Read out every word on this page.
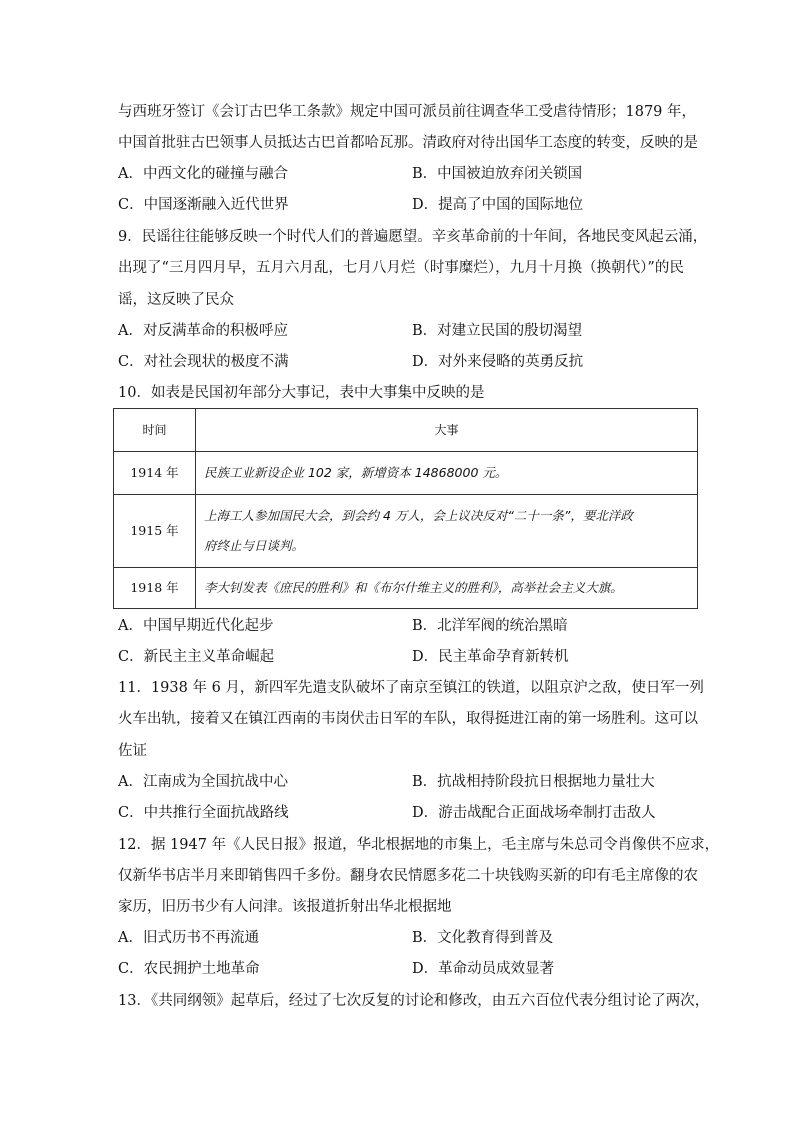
与西班牙签订《会订古巴华工条款》规定中国可派员前往调查华工受虐待情形；1879 年，
中国首批驻古巴领事人员抵达古巴首都哈瓦那。清政府对待出国华工态度的转变，反映的是
A．中西文化的碰撞与融合	B．中国被迫放弃闭关锁国
C．中国逐渐融入近代世界	D．提高了中国的国际地位
9．民谣往往能够反映一个时代人们的普遍愿望。辛亥革命前的十年间，各地民变风起云涌，
出现了“三月四月早，五月六月乱，七月八月烂（时事糜烂），九月十月换（换朝代）”的民
谣，这反映了民众
A．对反满革命的积极呼应	B．对建立民国的殷切渴望
C．对社会现状的极度不满	D．对外来侵略的英勇反抗
10．如表是民国初年部分大事记，表中大事集中反映的是
时间	大事
1914 年	民族工业新设企业 102 家，新增资本 14868000 元。
1915 年	上海工人参加国民大会，到会约 4 万人，会上议决反对“二十一条”，要北洋政
府终止与日谈判。

1918 年	李大钊发表《庶民的胜利》和《布尔什维主义的胜利》，高举社会主义大旗。
A．中国早期近代化起步	B．北洋军阀的统治黑暗
C．新民主主义革命崛起	D．民主革命孕育新转机
11．1938 年 6 月，新四军先遣支队破坏了南京至镇江的铁道，以阻京沪之敌，使日军一列
火车出轨，接着又在镇江西南的韦岗伏击日军的车队，取得挺进江南的第一场胜利。这可以
佐证
A．江南成为全国抗战中心	B．抗战相持阶段抗日根据地力量壮大
C．中共推行全面抗战路线	D．游击战配合正面战场牵制打击敌人
12．据 1947 年《人民日报》报道，华北根据地的市集上，毛主席与朱总司令肖像供不应求，
仅新华书店半月来即销售四千多份。翻身农民情愿多花二十块钱购买新的印有毛主席像的农
家历，旧历书少有人问津。该报道折射出华北根据地
A．旧式历书不再流通	B．文化教育得到普及
C．农民拥护土地革命	D．革命动员成效显著
13．《共同纲领》起草后，经过了七次反复的讨论和修改，由五六百位代表分组讨论了两次，
